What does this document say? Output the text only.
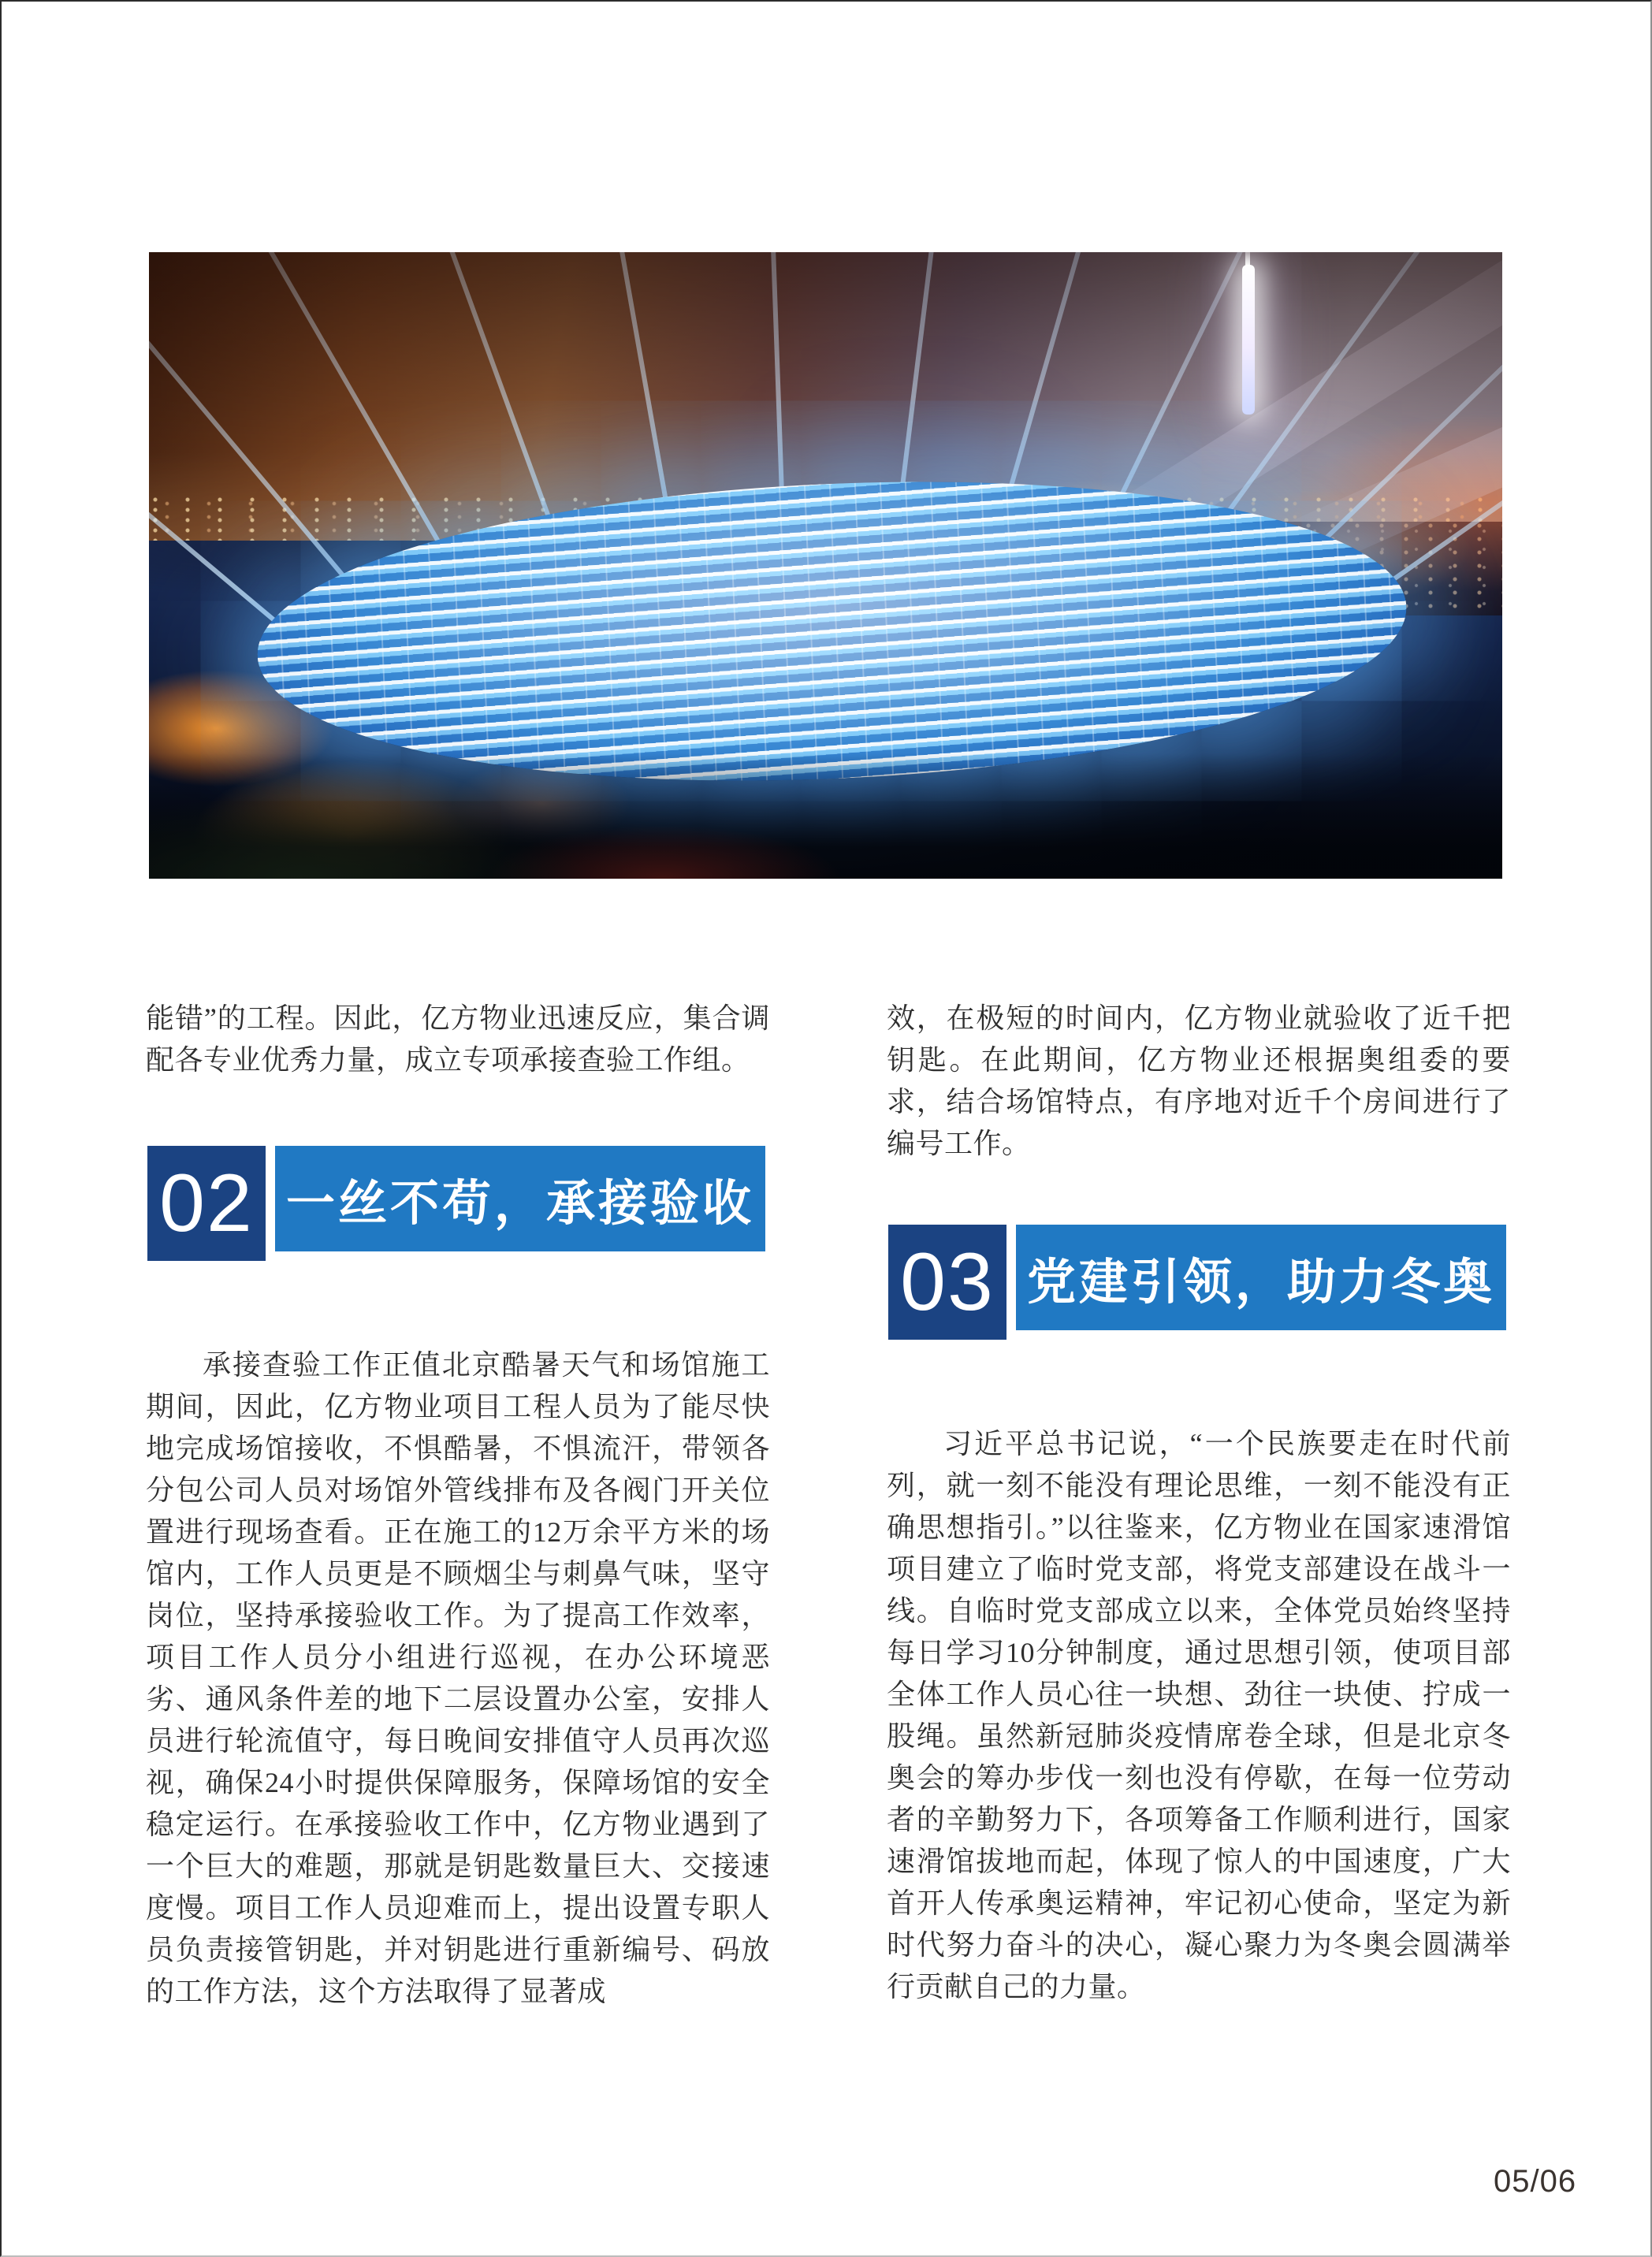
能错”的工程。因此，亿方物业迅速反应，集合调配各专业优秀力量，成立专项承接查验工作组。

02 一丝不苟，承接验收

承接查验工作正值北京酷暑天气和场馆施工期间，因此，亿方物业项目工程人员为了能尽快地完成场馆接收，不惧酷暑，不惧流汗，带领各分包公司人员对场馆外管线排布及各阀门开关位置进行现场查看。正在施工的12万余平方米的场馆内，工作人员更是不顾烟尘与刺鼻气味，坚守岗位，坚持承接验收工作。为了提高工作效率，项目工作人员分小组进行巡视，在办公环境恶劣、通风条件差的地下二层设置办公室，安排人员进行轮流值守，每日晚间安排值守人员再次巡视，确保24小时提供保障服务，保障场馆的安全稳定运行。在承接验收工作中，亿方物业遇到了一个巨大的难题，那就是钥匙数量巨大、交接速度慢。项目工作人员迎难而上，提出设置专职人员负责接管钥匙，并对钥匙进行重新编号、码放的工作方法，这个方法取得了显著成

效，在极短的时间内，亿方物业就验收了近千把钥匙。在此期间，亿方物业还根据奥组委的要求，结合场馆特点，有序地对近千个房间进行了编号工作。

03 党建引领，助力冬奥

习近平总书记说，“一个民族要走在时代前列，就一刻不能没有理论思维，一刻不能没有正确思想指引。”以往鉴来，亿方物业在国家速滑馆项目建立了临时党支部，将党支部建设在战斗一线。自临时党支部成立以来，全体党员始终坚持每日学习10分钟制度，通过思想引领，使项目部全体工作人员心往一块想、劲往一块使、拧成一股绳。虽然新冠肺炎疫情席卷全球，但是北京冬奥会的筹办步伐一刻也没有停歇，在每一位劳动者的辛勤努力下，各项筹备工作顺利进行，国家速滑馆拔地而起，体现了惊人的中国速度，广大首开人传承奥运精神，牢记初心使命，坚定为新时代努力奋斗的决心，凝心聚力为冬奥会圆满举行贡献自己的力量。

05/06
